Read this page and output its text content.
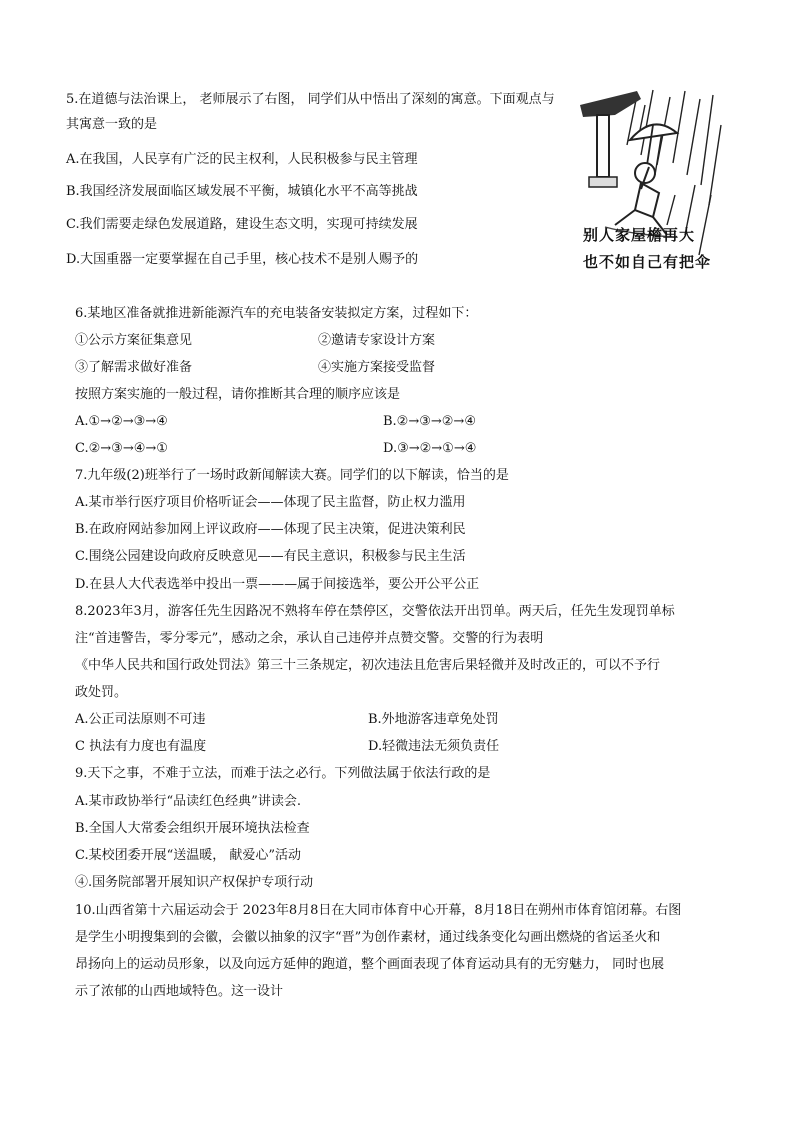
5.在道德与法治课上， 老师展示了右图， 同学们从中悟出了深刻的寓意。下面观点与
其寓意一致的是
A.在我国，人民享有广泛的民主权利，人民积极参与民主管理
B.我国经济发展面临区域发展不平衡，城镇化水平不高等挑战
C.我们需要走绿色发展道路，建设生态文明，实现可持续发展
D.大国重器一定要掌握在自己手里，核心技术不是别人赐予的
别人家屋檐再大
也不如自己有把伞
6.某地区准备就推进新能源汽车的充电装备安装拟定方案，过程如下：
①公示方案征集意见	②邀请专家设计方案
③了解需求做好准备	④实施方案接受监督
按照方案实施的一般过程，请你推断其合理的顺序应该是
A.①→②→③→④	B.②→③→②→④
C.②→③→④→①	D.③→②→①→④
7.九年级(2)班举行了一场时政新闻解读大赛。同学们的以下解读，恰当的是
A.某市举行医疗项目价格听证会——体现了民主监督，防止权力滥用
B.在政府网站参加网上评议政府——体现了民主决策，促进决策利民
C.围绕公园建设向政府反映意见——有民主意识，积极参与民主生活
D.在县人大代表选举中投出一票———属于间接选举，要公开公平公正
8.2023年3月，游客任先生因路况不熟将车停在禁停区，交警依法开出罚单。两天后，任先生发现罚单标
注“首违警告，零分零元”，感动之余，承认自己违停并点赞交警。交警的行为表明
《中华人民共和国行政处罚法》第三十三条规定，初次违法且危害后果轻微并及时改正的，可以不予行
政处罚。
A.公正司法原则不可违	B.外地游客违章免处罚
C 执法有力度也有温度	D.轻微违法无须负责任
9.天下之事，不难于立法，而难于法之必行。下列做法属于依法行政的是
A.某市政协举行“品读红色经典”讲读会.
B.全国人大常委会组织开展环境执法检查
C.某校团委开展“送温暖， 献爱心”活动
④.国务院部署开展知识产权保护专项行动
10.山西省第十六届运动会于 2023年8月8日在大同市体育中心开幕，8月18日在朔州市体育馆闭幕。右图
是学生小明搜集到的会徽，会徽以抽象的汉字“晋”为创作素材，通过线条变化勾画出燃烧的省运圣火和
昂扬向上的运动员形象，以及向远方延伸的跑道，整个画面表现了体育运动具有的无穷魅力， 同时也展
示了浓郁的山西地域特色。这一设计
